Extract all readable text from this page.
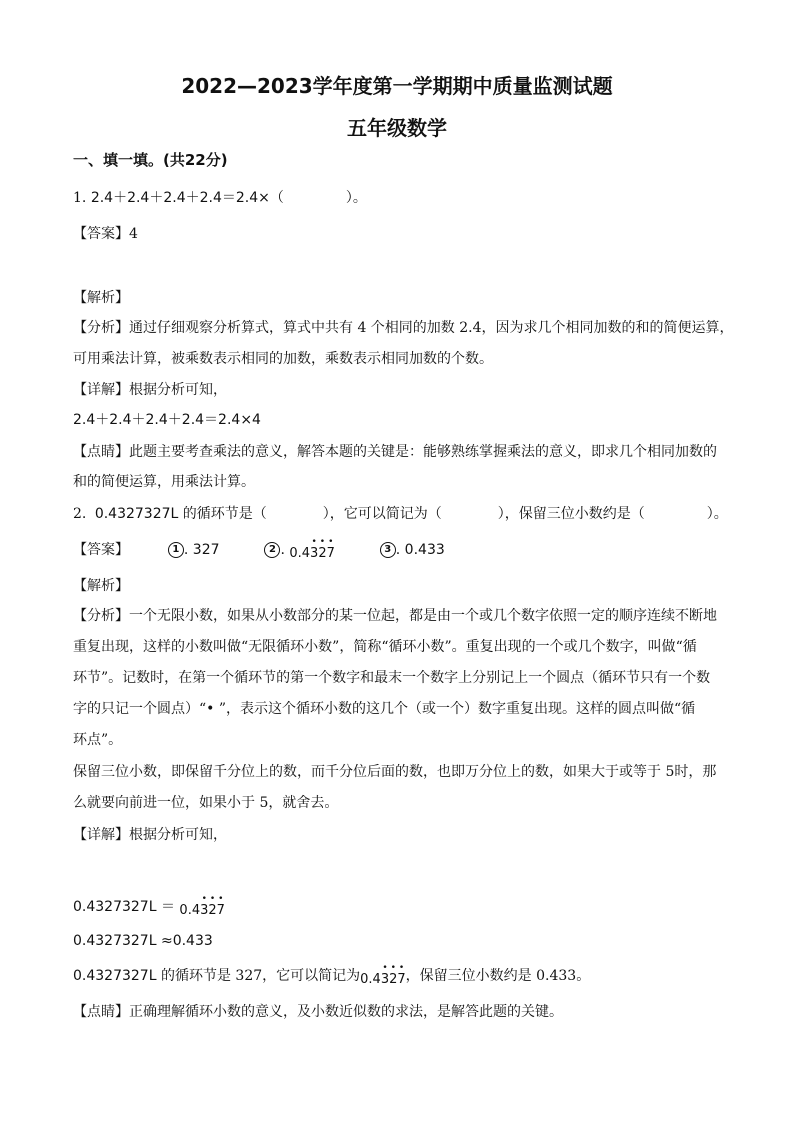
2022—2023学年度第一学期期中质量监测试题
五年级数学
一、填一填。(共22分)
1. 2.4＋2.4＋2.4＋2.4＝2.4×（	）。
【答案】4
【解析】
【分析】通过仔细观察分析算式，算式中共有 4 个相同的加数 2.4，因为求几个相同加数的和的简便运算，
可用乘法计算，被乘数表示相同的加数，乘数表示相同加数的个数。
【详解】根据分析可知，
2.4＋2.4＋2.4＋2.4＝2.4×4
【点睛】此题主要考查乘法的意义，解答本题的关键是：能够熟练掌握乘法的意义，即求几个相同加数的
和的简便运算，用乘法计算。
2. 0.4327327L 的循环节是（	），它可以简记为（	），保留三位小数约是（	）。
【答案】	1 . 327	2 . 0.4• 3• 2• 7	3 . 0.433
【解析】
【分析】一个无限小数，如果从小数部分的某一位起，都是由一个或几个数字依照一定的顺序连续不断地
重复出现，这样的小数叫做“无限循环小数”，简称“循环小数”。重复出现的一个或几个数字，叫做“循
环节”。记数时，在第一个循环节的第一个数字和最末一个数字上分别记上一个圆点（循环节只有一个数
字的只记一个圆点）“• ”，表示这个循环小数的这几个（或一个）数字重复出现。这样的圆点叫做“循
环点”。
保留三位小数，即保留千分位上的数，而千分位后面的数，也即万分位上的数，如果大于或等于 5时，那
么就要向前进一位，如果小于 5，就舍去。
【详解】根据分析可知，
0.4327327L ＝ 0.4• 3• 2• 7
0.4327327L ≈0.433
0.4327327L 的循环节是 327，它可以简记为0.4• 3• 2• 7，保留三位小数约是 0.433。
【点睛】正确理解循环小数的意义，及小数近似数的求法，是解答此题的关键。
